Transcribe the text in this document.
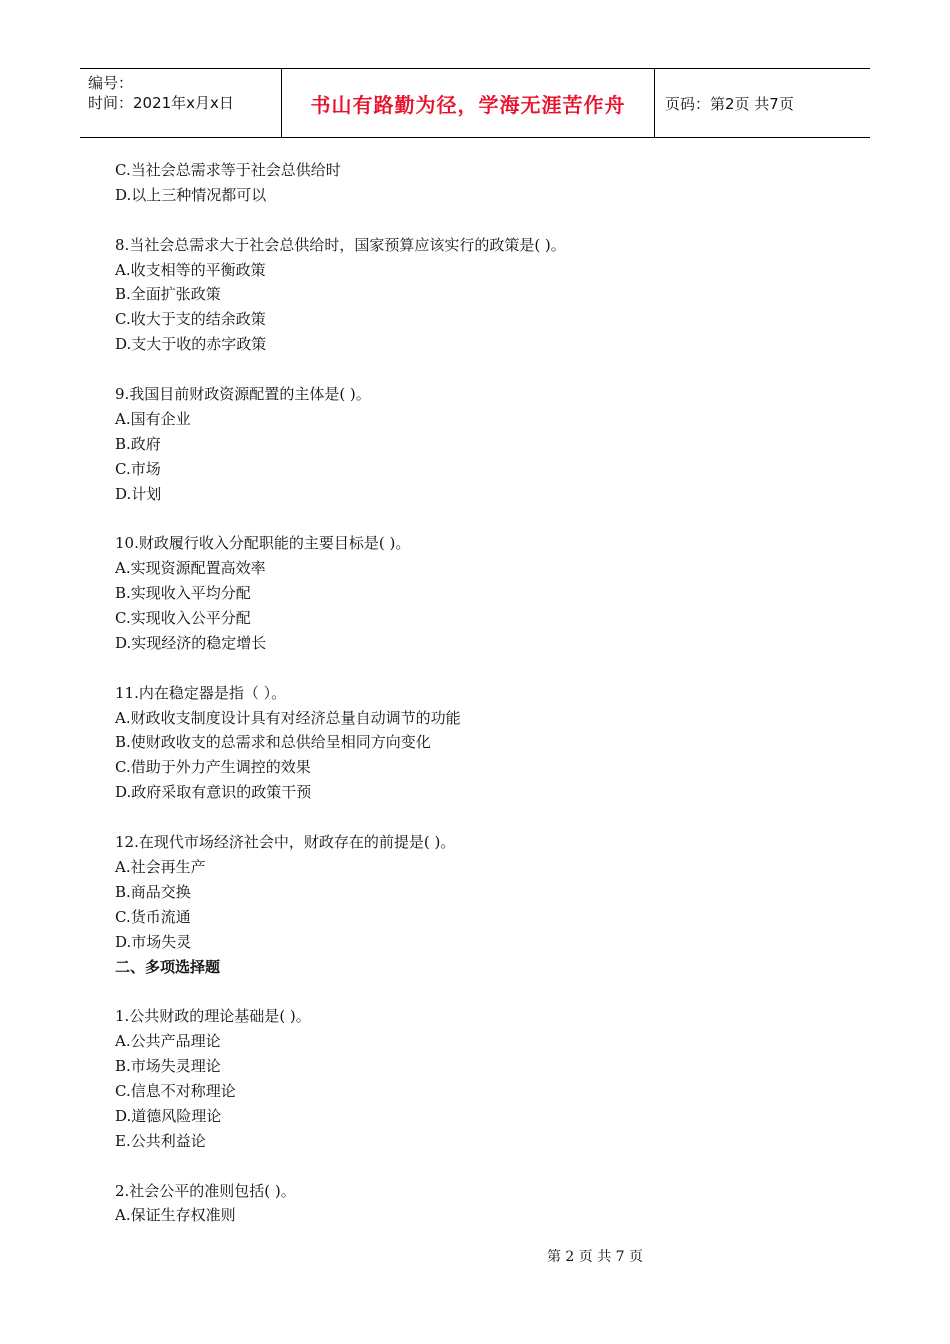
编号：
时间：2021年x月x日	书山有路勤为径，学海无涯苦作舟	页码：第2页 共7页
C.当社会总需求等于社会总供给时
D.以上三种情况都可以
8.当社会总需求大于社会总供给时，国家预算应该实行的政策是( )。
A.收支相等的平衡政策
B.全面扩张政策
C.收大于支的结余政策
D.支大于收的赤字政策
9.我国目前财政资源配置的主体是( )。
A.国有企业
B.政府
C.市场
D.计划
10.财政履行收入分配职能的主要目标是( )。
A.实现资源配置高效率
B.实现收入平均分配
C.实现收入公平分配
D.实现经济的稳定增长
11.内在稳定器是指（ ）。
A.财政收支制度设计具有对经济总量自动调节的功能
B.使财政收支的总需求和总供给呈相同方向变化
C.借助于外力产生调控的效果
D.政府采取有意识的政策干预
12.在现代市场经济社会中，财政存在的前提是( )。
A.社会再生产
B.商品交换
C.货币流通
D.市场失灵
二、多项选择题
1.公共财政的理论基础是( )。
A.公共产品理论
B.市场失灵理论
C.信息不对称理论
D.道德风险理论
E.公共利益论
2.社会公平的准则包括( )。
A.保证生存权准则
第 2 页 共 7 页
